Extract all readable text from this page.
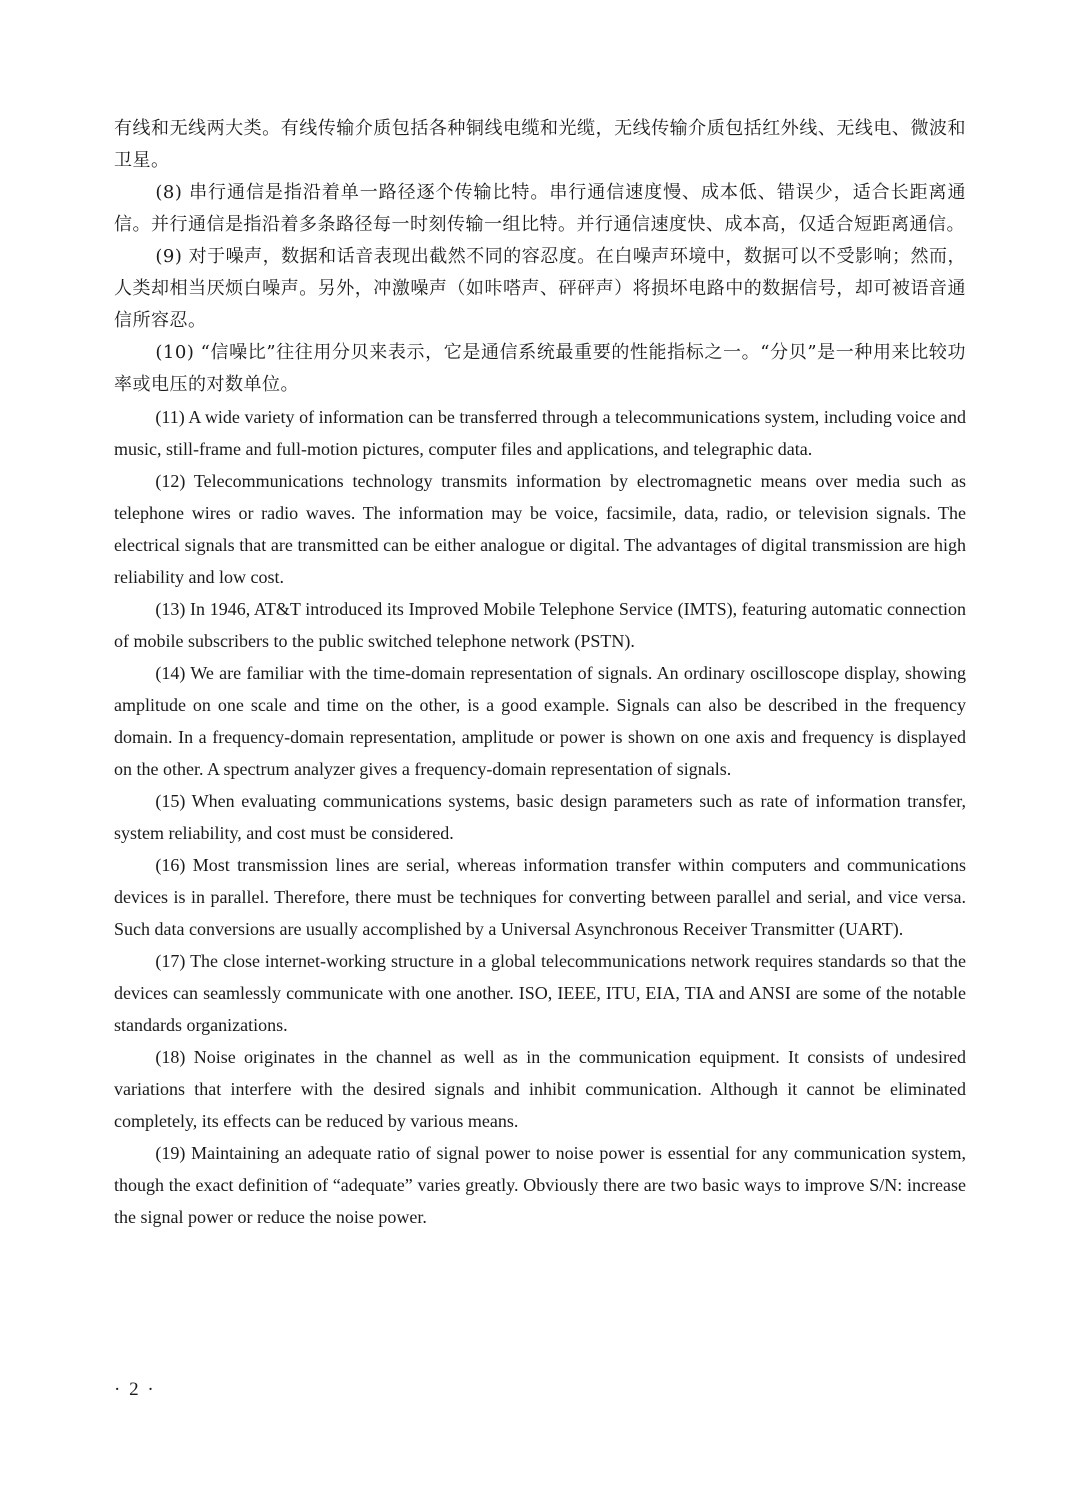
有线和无线两大类。有线传输介质包括各种铜线电缆和光缆，无线传输介质包括红外线、无线电、微波和卫星。

(8) 串行通信是指沿着单一路径逐个传输比特。串行通信速度慢、成本低、错误少，适合长距离通信。并行通信是指沿着多条路径每一时刻传输一组比特。并行通信速度快、成本高，仅适合短距离通信。

(9) 对于噪声，数据和话音表现出截然不同的容忍度。在白噪声环境中，数据可以不受影响；然而，人类却相当厌烦白噪声。另外，冲激噪声（如咔嗒声、砰砰声）将损坏电路中的数据信号，却可被语音通信所容忍。

(10) “信噪比”往往用分贝来表示，它是通信系统最重要的性能指标之一。“分贝”是一种用来比较功率或电压的对数单位。

(11) A wide variety of information can be transferred through a telecommunications system, including voice and music, still-frame and full-motion pictures, computer files and applications, and telegraphic data.

(12) Telecommunications technology transmits information by electromagnetic means over media such as telephone wires or radio waves. The information may be voice, facsimile, data, radio, or television signals. The electrical signals that are transmitted can be either analogue or digital. The advantages of digital transmission are high reliability and low cost.

(13) In 1946, AT&T introduced its Improved Mobile Telephone Service (IMTS), featuring automatic connection of mobile subscribers to the public switched telephone network (PSTN).

(14) We are familiar with the time-domain representation of signals. An ordinary oscilloscope display, showing amplitude on one scale and time on the other, is a good example. Signals can also be described in the frequency domain. In a frequency-domain representation, amplitude or power is shown on one axis and frequency is displayed on the other. A spectrum analyzer gives a frequency-domain representation of signals.

(15) When evaluating communications systems, basic design parameters such as rate of information transfer, system reliability, and cost must be considered.

(16) Most transmission lines are serial, whereas information transfer within computers and communications devices is in parallel. Therefore, there must be techniques for converting between parallel and serial, and vice versa. Such data conversions are usually accomplished by a Universal Asynchronous Receiver Transmitter (UART).

(17) The close internet-working structure in a global telecommunications network requires standards so that the devices can seamlessly communicate with one another. ISO, IEEE, ITU, EIA, TIA and ANSI are some of the notable standards organizations.

(18) Noise originates in the channel as well as in the communication equipment. It consists of undesired variations that interfere with the desired signals and inhibit communication. Although it cannot be eliminated completely, its effects can be reduced by various means.

(19) Maintaining an adequate ratio of signal power to noise power is essential for any communication system, though the exact definition of “adequate” varies greatly. Obviously there are two basic ways to improve S/N: increase the signal power or reduce the noise power.

· 2 ·
